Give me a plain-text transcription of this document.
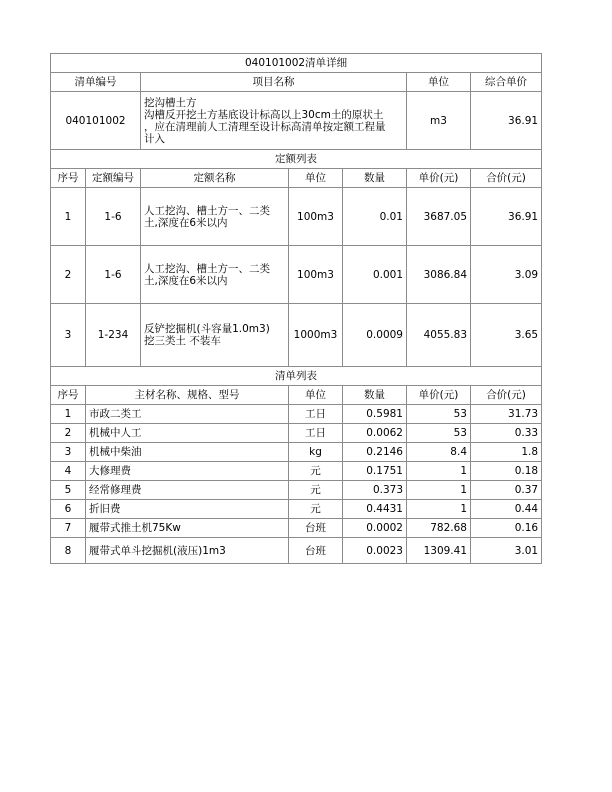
040101002清单详细						
清单编号		项目名称			单位	综合单价
040101002		挖沟槽土方
沟槽反开挖土方基底设计标高以上30cm土的原状土
，应在清理前人工清理至设计标高清单按定额工程量
计入			m3	36.91
定额列表						
序号	定额编号	定额名称	单位	数量	单价(元)	合价(元)
1	1-6	人工挖沟、槽土方一、二类
土,深度在6米以内	100m3	0.01	3687.05	36.91
2	1-6	人工挖沟、槽土方一、二类
土,深度在6米以内	100m3	0.001	3086.84	3.09
3	1-234	反铲挖掘机(斗容量1.0m3)
挖三类土 不装车	1000m3	0.0009	4055.83	3.65
清单列表						
序号	主材名称、规格、型号		单位	数量	单价(元)	合价(元)
1	市政二类工		工日	0.5981	53	31.73
2	机械中人工		工日	0.0062	53	0.33
3	机械中柴油		kg	0.2146	8.4	1.8
4	大修理费		元	0.1751	1	0.18
5	经常修理费		元	0.373	1	0.37
6	折旧费		元	0.4431	1	0.44
7	履带式推土机75Kw		台班	0.0002	782.68	0.16
8	履带式单斗挖掘机(液压)1m3		台班	0.0023	1309.41	3.01
